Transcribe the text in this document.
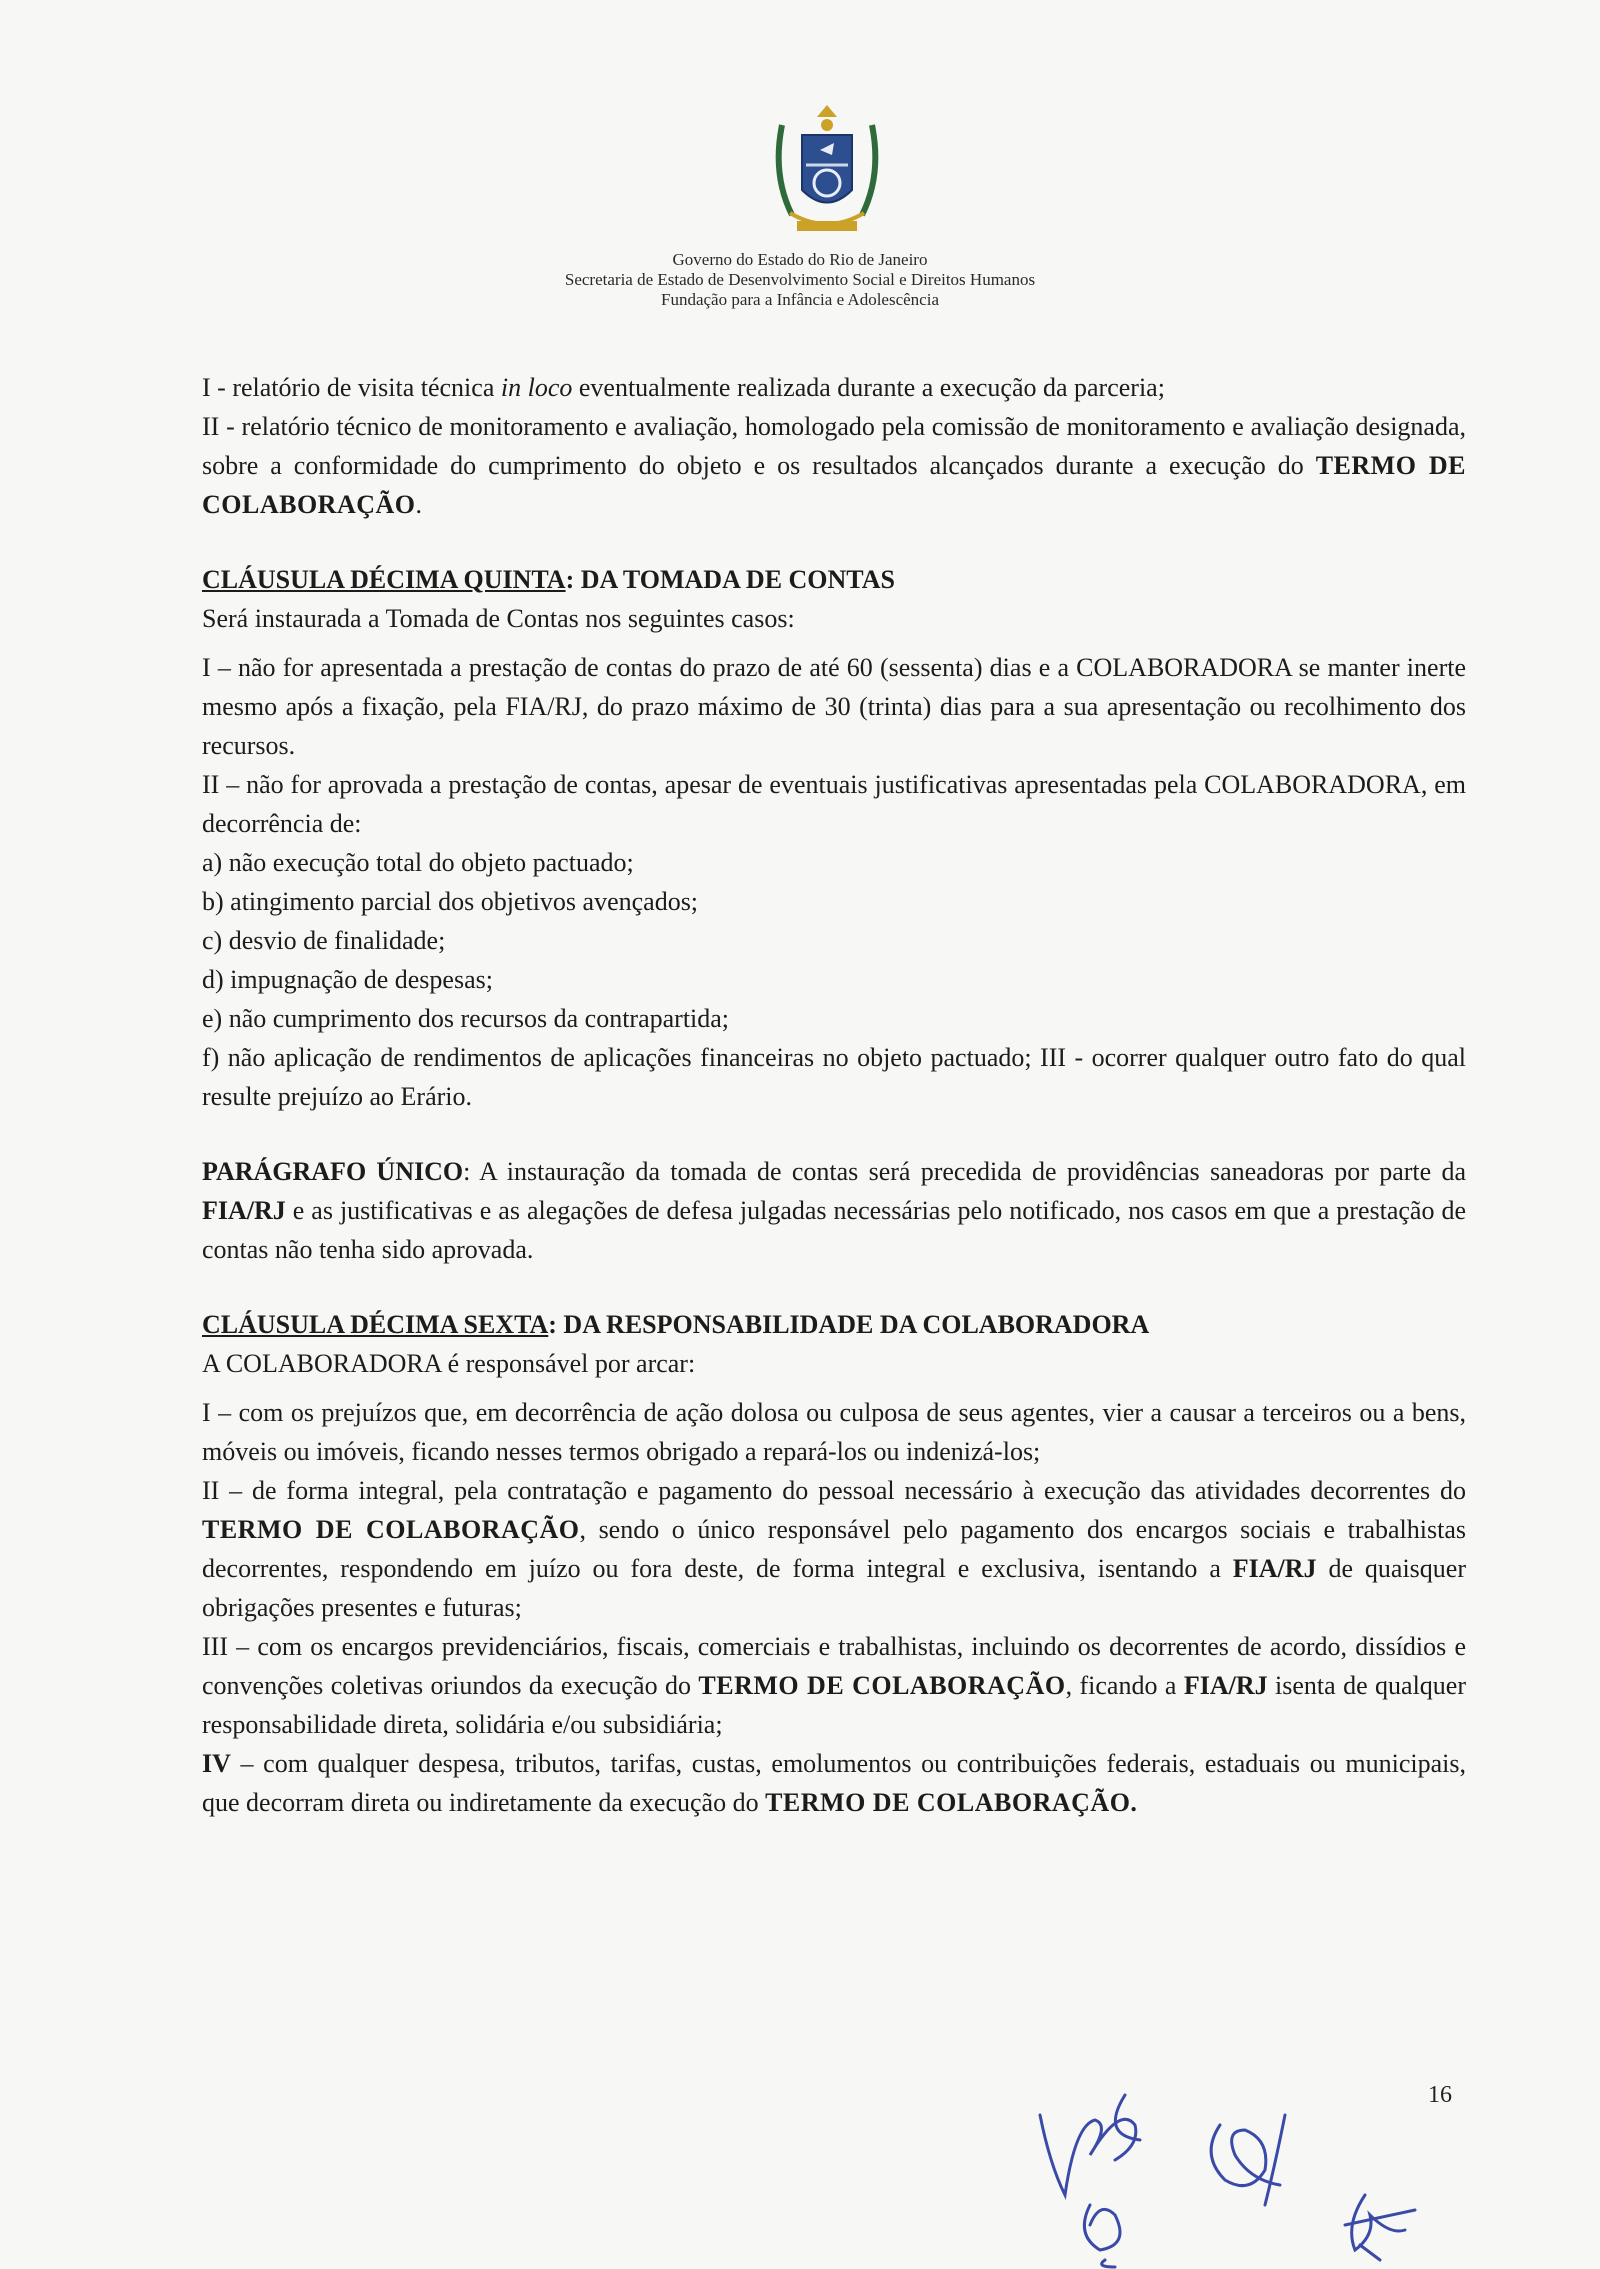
Governo do Estado do Rio de Janeiro
Secretaria de Estado de Desenvolvimento Social e Direitos Humanos
Fundação para a Infância e Adolescência

I - relatório de visita técnica in loco eventualmente realizada durante a execução da parceria;

II - relatório técnico de monitoramento e avaliação, homologado pela comissão de monitoramento e avaliação designada, sobre a conformidade do cumprimento do objeto e os resultados alcançados durante a execução do TERMO DE COLABORAÇÃO.

CLÁUSULA DÉCIMA QUINTA: DA TOMADA DE CONTAS

Será instaurada a Tomada de Contas nos seguintes casos:

I – não for apresentada a prestação de contas do prazo de até 60 (sessenta) dias e a COLABORADORA se manter inerte mesmo após a fixação, pela FIA/RJ, do prazo máximo de 30 (trinta) dias para a sua apresentação ou recolhimento dos recursos.

II – não for aprovada a prestação de contas, apesar de eventuais justificativas apresentadas pela COLABORADORA, em decorrência de:

a) não execução total do objeto pactuado;

b) atingimento parcial dos objetivos avençados;

c) desvio de finalidade;

d) impugnação de despesas;

e) não cumprimento dos recursos da contrapartida;

f) não aplicação de rendimentos de aplicações financeiras no objeto pactuado; III - ocorrer qualquer outro fato do qual resulte prejuízo ao Erário.

PARÁGRAFO ÚNICO: A instauração da tomada de contas será precedida de providências saneadoras por parte da FIA/RJ e as justificativas e as alegações de defesa julgadas necessárias pelo notificado, nos casos em que a prestação de contas não tenha sido aprovada.

CLÁUSULA DÉCIMA SEXTA: DA RESPONSABILIDADE DA COLABORADORA

A COLABORADORA é responsável por arcar:

I – com os prejuízos que, em decorrência de ação dolosa ou culposa de seus agentes, vier a causar a terceiros ou a bens, móveis ou imóveis, ficando nesses termos obrigado a repará-los ou indenizá-los;

II – de forma integral, pela contratação e pagamento do pessoal necessário à execução das atividades decorrentes do TERMO DE COLABORAÇÃO, sendo o único responsável pelo pagamento dos encargos sociais e trabalhistas decorrentes, respondendo em juízo ou fora deste, de forma integral e exclusiva, isentando a FIA/RJ de quaisquer obrigações presentes e futuras;

III – com os encargos previdenciários, fiscais, comerciais e trabalhistas, incluindo os decorrentes de acordo, dissídios e convenções coletivas oriundos da execução do TERMO DE COLABORAÇÃO, ficando a FIA/RJ isenta de qualquer responsabilidade direta, solidária e/ou subsidiária;

IV – com qualquer despesa, tributos, tarifas, custas, emolumentos ou contribuições federais, estaduais ou municipais, que decorram direta ou indiretamente da execução do TERMO DE COLABORAÇÃO.

16
